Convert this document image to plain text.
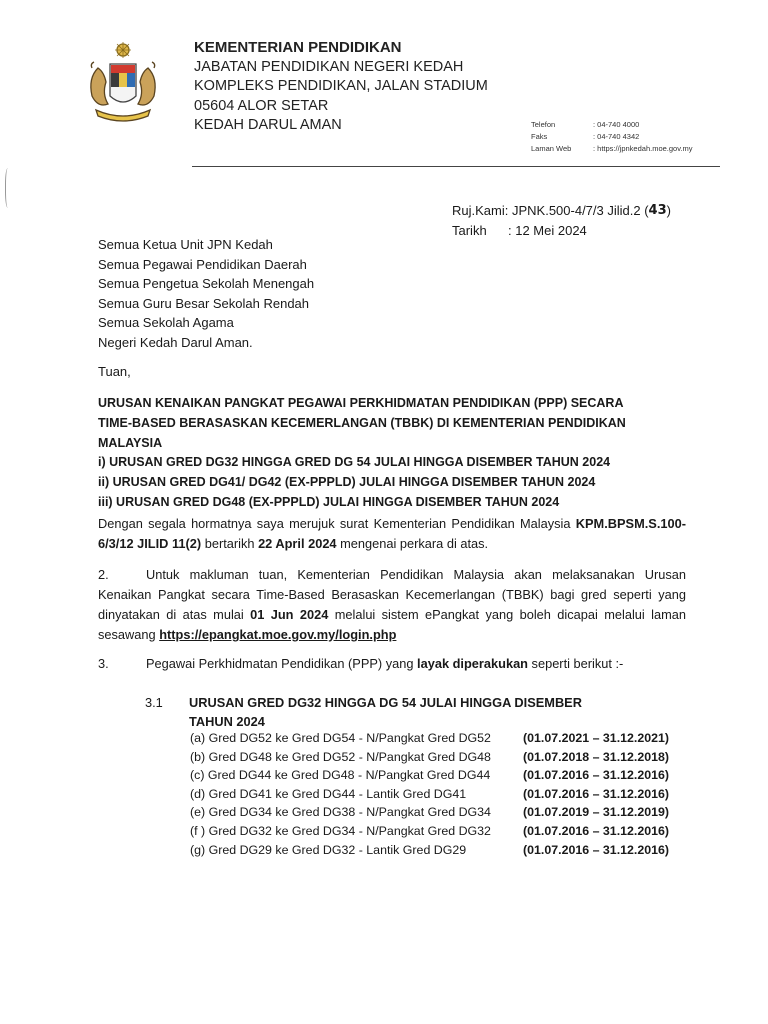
KEMENTERIAN PENDIDIKAN
JABATAN PENDIDIKAN NEGERI KEDAH
KOMPLEKS PENDIDIKAN, JALAN STADIUM
05604 ALOR SETAR
KEDAH DARUL AMAN	Telefon	: 04-740 4000
Faks	: 04-740 4342
Laman Web	: https://jpnkedah.moe.gov.my
Ruj.Kami : JPNK.500-4/7/3 Jilid.2 ( 43 )
Tarikh	: 12 Mei 2024
Semua Ketua Unit JPN Kedah
Semua Pegawai Pendidikan Daerah
Semua Pengetua Sekolah Menengah
Semua Guru Besar Sekolah Rendah
Semua Sekolah Agama
Negeri Kedah Darul Aman.
Tuan,
URUSAN KENAIKAN PANGKAT PEGAWAI PERKHIDMATAN PENDIDIKAN (PPP) SECARA
TIME-BASED BERASASKAN KECEMERLANGAN (TBBK) DI KEMENTERIAN PENDIDIKAN
MALAYSIA
i) URUSAN GRED DG32 HINGGA GRED DG 54 JULAI HINGGA DISEMBER TAHUN 2024
ii) URUSAN GRED DG41/ DG42 (EX-PPPLD) JULAI HINGGA DISEMBER TAHUN 2024
iii) URUSAN GRED DG48 (EX-PPPLD) JULAI HINGGA DISEMBER TAHUN 2024
Dengan segala hormatnya saya merujuk surat Kementerian Pendidikan Malaysia KPM.BPSM.S.100-6/3/12 JILID 11(2) bertarikh 22 April 2024 mengenai perkara di atas.
2.	Untuk makluman tuan, Kementerian Pendidikan Malaysia akan melaksanakan Urusan Kenaikan Pangkat secara Time-Based Berasaskan Kecemerlangan (TBBK) bagi gred seperti yang dinyatakan di atas mulai 01 Jun 2024 melalui sistem ePangkat yang boleh dicapai melalui laman sesawang https://epangkat.moe.gov.my/login.php
3.	Pegawai Perkhidmatan Pendidikan (PPP) yang layak diperakukan seperti berikut :-
3.1	URUSAN GRED DG32 HINGGA DG 54 JULAI HINGGA DISEMBER TAHUN 2024
(a) Gred DG52 ke Gred DG54 - N/Pangkat Gred DG52	(01.07.2021 – 31.12.2021)
(b) Gred DG48 ke Gred DG52 - N/Pangkat Gred DG48	(01.07.2018 – 31.12.2018)
(c) Gred DG44 ke Gred DG48 - N/Pangkat Gred DG44	(01.07.2016 – 31.12.2016)
(d) Gred DG41 ke Gred DG44 - Lantik Gred DG41	(01.07.2016 – 31.12.2016)
(e) Gred DG34 ke Gred DG38 - N/Pangkat Gred DG34	(01.07.2019 – 31.12.2019)
(f ) Gred DG32 ke Gred DG34 - N/Pangkat Gred DG32	(01.07.2016 – 31.12.2016)
(g) Gred DG29 ke Gred DG32 - Lantik Gred DG29	(01.07.2016 – 31.12.2016)
